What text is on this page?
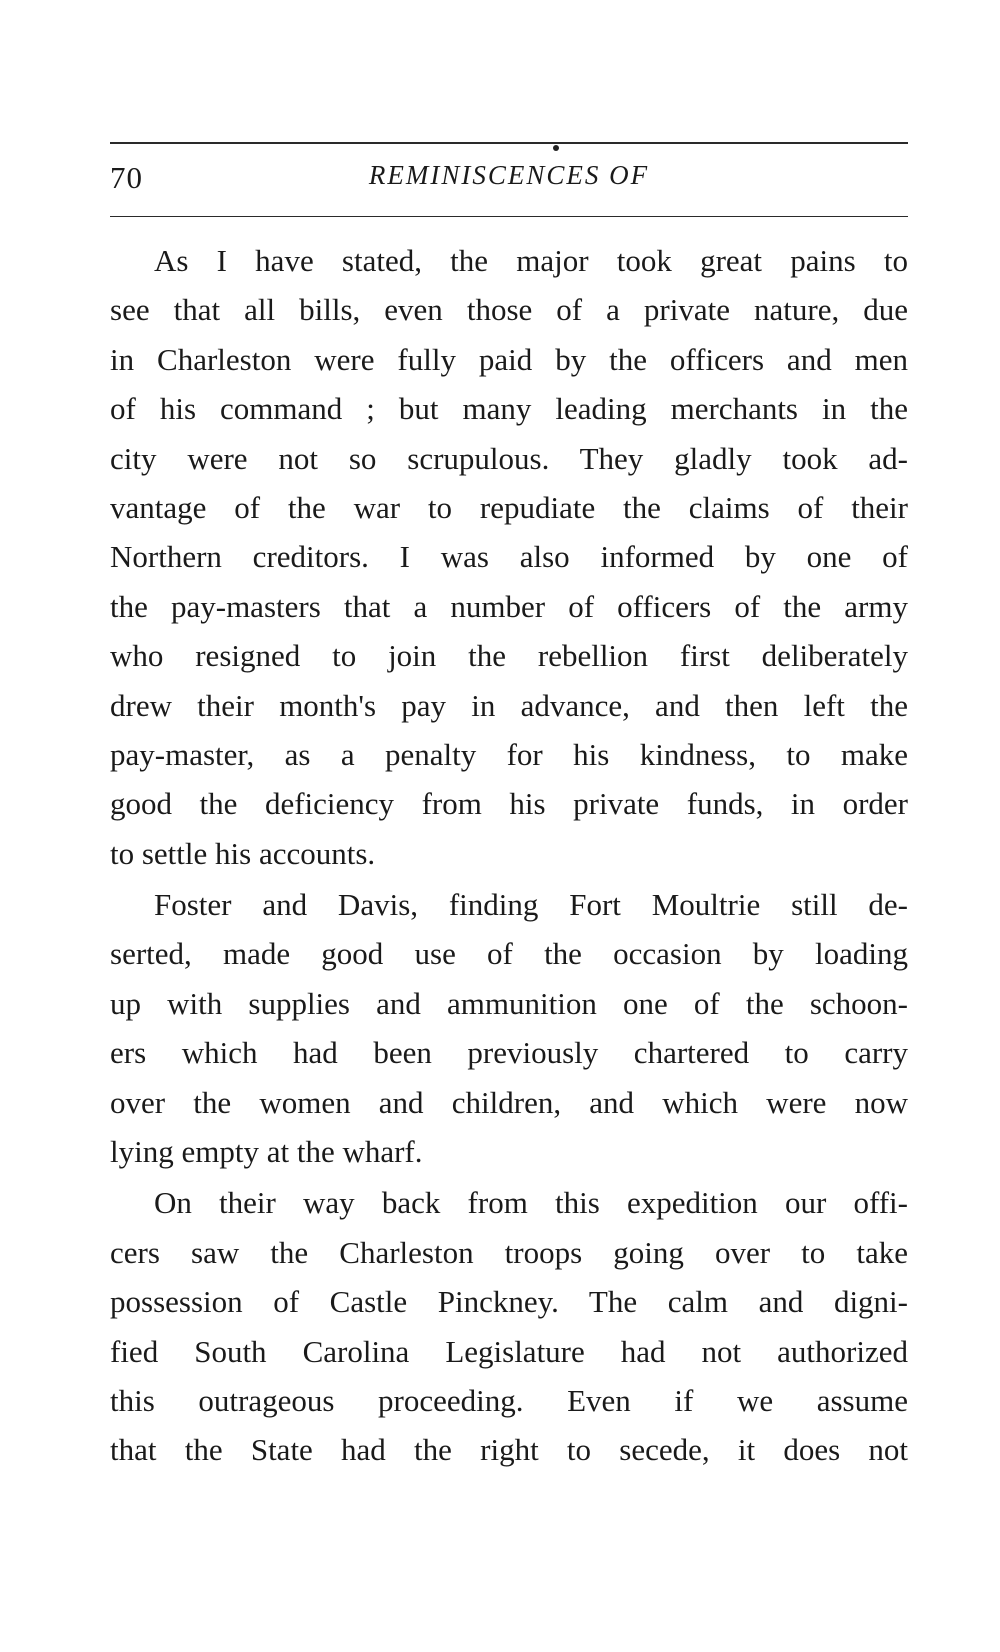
70	REMINISCENCES OF
As I have stated, the major took great pains to
see that all bills, even those of a private nature, due
in Charleston were fully paid by the officers and men
of his command ; but many leading merchants in the
city were not so scrupulous. They gladly took ad-
vantage of the war to repudiate the claims of their
Northern creditors. I was also informed by one of
the pay-masters that a number of officers of the army
who resigned to join the rebellion first deliberately
drew their month's pay in advance, and then left the
pay-master, as a penalty for his kindness, to make
good the deficiency from his private funds, in order
to settle his accounts.
Foster and Davis, finding Fort Moultrie still de-
serted, made good use of the occasion by loading
up with supplies and ammunition one of the schoon-
ers which had been previously chartered to carry
over the women and children, and which were now
lying empty at the wharf.
On their way back from this expedition our offi-
cers saw the Charleston troops going over to take
possession of Castle Pinckney. The calm and digni-
fied South Carolina Legislature had not authorized
this outrageous proceeding. Even if we assume
that the State had the right to secede, it does not
